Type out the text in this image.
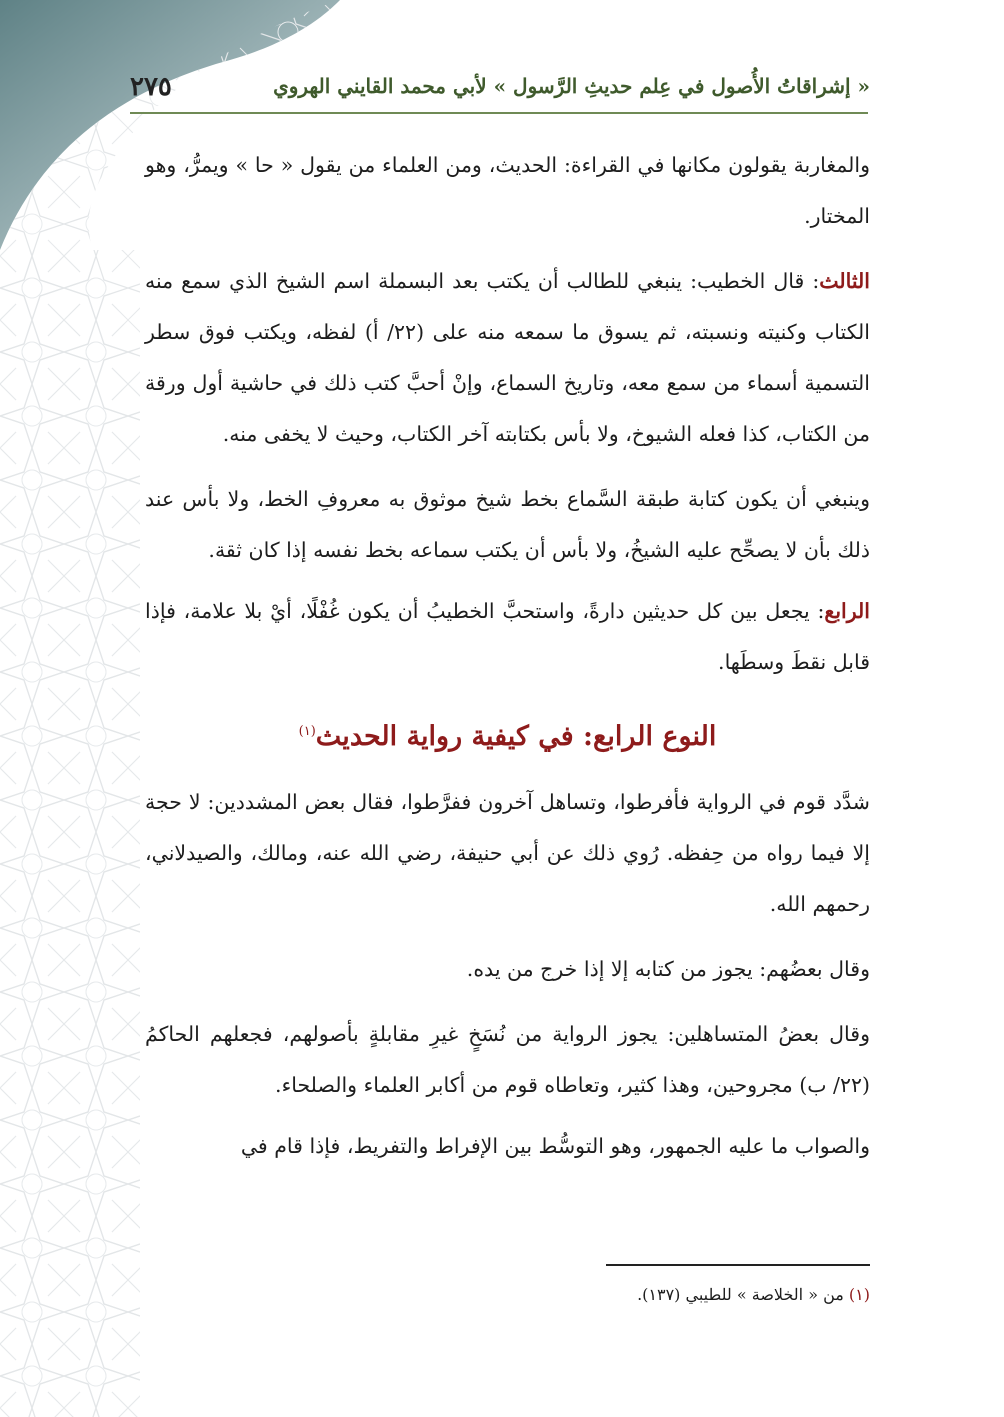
٢٧٥	« إشراقاتُ الأُصول في عِلم حديثِ الرَّسول » لأبي محمد القايني الهروي

والمغاربة يقولون مكانها في القراءة: الحديث، ومن العلماء من يقول « حا » ويمرُّ، وهو المختار.

الثالث: قال الخطيب: ينبغي للطالب أن يكتب بعد البسملة اسم الشيخ الذي سمع منه الكتاب وكنيته ونسبته، ثم يسوق ما سمعه منه على (٢٢/ أ) لفظه، ويكتب فوق سطر التسمية أسماء من سمع معه، وتاريخ السماع، وإنْ أحبَّ كتب ذلك في حاشية أول ورقة من الكتاب، كذا فعله الشيوخ، ولا بأس بكتابته آخر الكتاب، وحيث لا يخفى منه.

وينبغي أن يكون كتابة طبقة السَّماع بخط شيخ موثوق به معروفِ الخط، ولا بأس عند ذلك بأن لا يصحِّح عليه الشيخُ، ولا بأس أن يكتب سماعه بخط نفسه إذا كان ثقة.

الرابع: يجعل بين كل حديثين دارةً، واستحبَّ الخطيبُ أن يكون غُفْلًا، أيْ بلا علامة، فإذا قابل نقطَ وسطَها.

النوع الرابع: في كيفية رواية الحديث$^{(١)}$

شدَّد قوم في الرواية فأفرطوا، وتساهل آخرون ففرَّطوا، فقال بعض المشددين: لا حجة إلا فيما رواه من حِفظه. رُوي ذلك عن أبي حنيفة، رضي الله عنه، ومالك، والصيدلاني، رحمهم الله.

وقال بعضُهم: يجوز من كتابه إلا إذا خرج من يده.

وقال بعضُ المتساهلين: يجوز الرواية من نُسَخٍ غيرِ مقابلةٍ بأصولهم، فجعلهم الحاكمُ (٢٢/ ب) مجروحين، وهذا كثير، وتعاطاه قوم من أكابر العلماء والصلحاء.

والصواب ما عليه الجمهور، وهو التوسُّط بين الإفراط والتفريط، فإذا قام في

(١) من « الخلاصة » للطيبي (١٣٧).
